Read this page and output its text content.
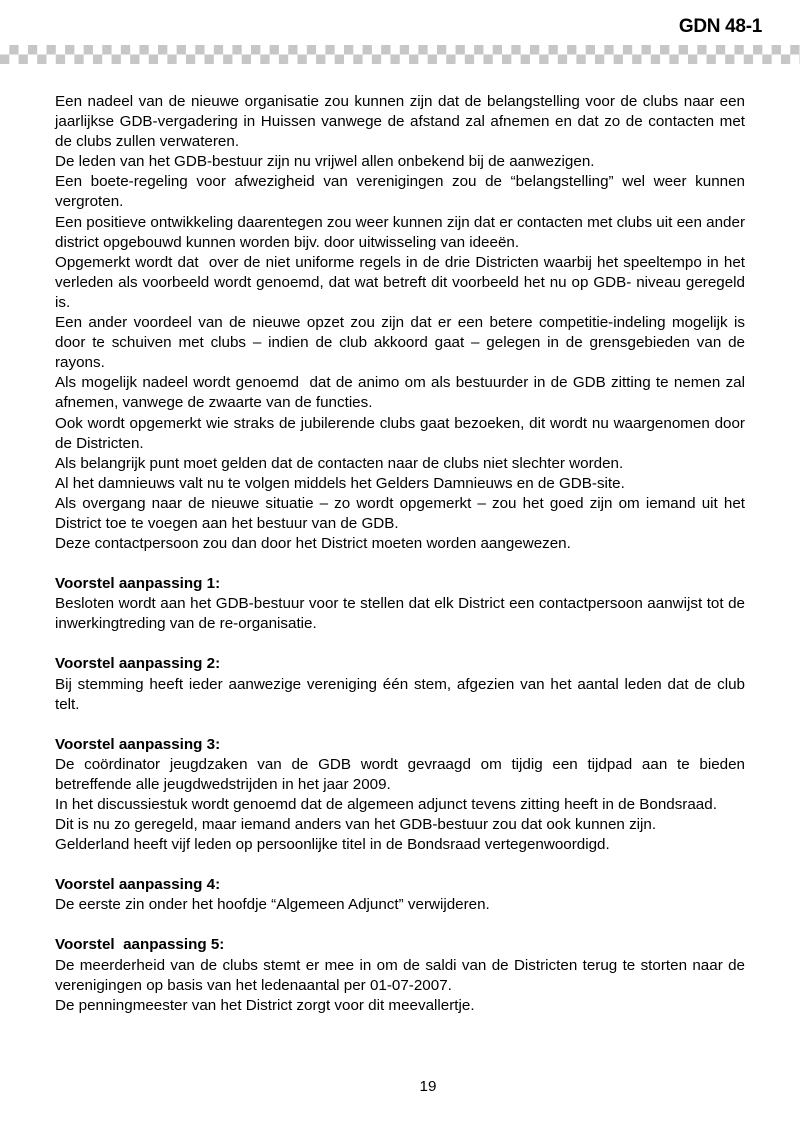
GDN 48-1

Een nadeel van de nieuwe organisatie zou kunnen zijn dat de belangstelling voor de clubs naar een jaarlijkse GDB-vergadering in Huissen vanwege de afstand zal afnemen en dat zo de contacten met de clubs zullen verwateren.

De leden van het GDB-bestuur zijn nu vrijwel allen onbekend bij de aanwezigen.

Een boete-regeling voor afwezigheid van verenigingen zou de “belangstelling” wel weer kunnen vergroten.

Een positieve ontwikkeling daarentegen zou weer kunnen zijn dat er contacten met clubs uit een ander district opgebouwd kunnen worden bijv. door uitwisseling van ideeën.

Opgemerkt wordt dat  over de niet uniforme regels in de drie Districten waarbij het speeltempo in het verleden als voorbeeld wordt genoemd, dat wat betreft dit voorbeeld het nu op GDB- niveau geregeld is.

Een ander voordeel van de nieuwe opzet zou zijn dat er een betere competitie-indeling mogelijk is door te schuiven met clubs – indien de club akkoord gaat – gelegen in de grensgebieden van de rayons.

Als mogelijk nadeel wordt genoemd  dat de animo om als bestuurder in de GDB zitting te nemen zal afnemen, vanwege de zwaarte van de functies.

Ook wordt opgemerkt wie straks de jubilerende clubs gaat bezoeken, dit wordt nu waargenomen door de Districten.

Als belangrijk punt moet gelden dat de contacten naar de clubs niet slechter worden.

Al het damnieuws valt nu te volgen middels het Gelders Damnieuws en de GDB-site.

Als overgang naar de nieuwe situatie – zo wordt opgemerkt – zou het goed zijn om iemand uit het District toe te voegen aan het bestuur van de GDB.

Deze contactpersoon zou dan door het District moeten worden aangewezen.

Voorstel aanpassing 1:

Besloten wordt aan het GDB-bestuur voor te stellen dat elk District een contactpersoon aanwijst tot de inwerkingtreding van de re-organisatie.

Voorstel aanpassing 2:

Bij stemming heeft ieder aanwezige vereniging één stem, afgezien van het aantal leden dat de club telt.

Voorstel aanpassing 3:

De coördinator jeugdzaken van de GDB wordt gevraagd om tijdig een tijdpad aan te bieden betreffende alle jeugdwedstrijden in het jaar 2009.

In het discussiestuk wordt genoemd dat de algemeen adjunct tevens zitting heeft in de Bondsraad.

Dit is nu zo geregeld, maar iemand anders van het GDB-bestuur zou dat ook kunnen zijn.

Gelderland heeft vijf leden op persoonlijke titel in de Bondsraad vertegenwoordigd.

Voorstel aanpassing 4:

De eerste zin onder het hoofdje “Algemeen Adjunct” verwijderen.

Voorstel  aanpassing 5:

De meerderheid van de clubs stemt er mee in om de saldi van de Districten terug te storten naar de verenigingen op basis van het ledenaantal per 01-07-2007.

De penningmeester van het District zorgt voor dit meevallertje.

19
